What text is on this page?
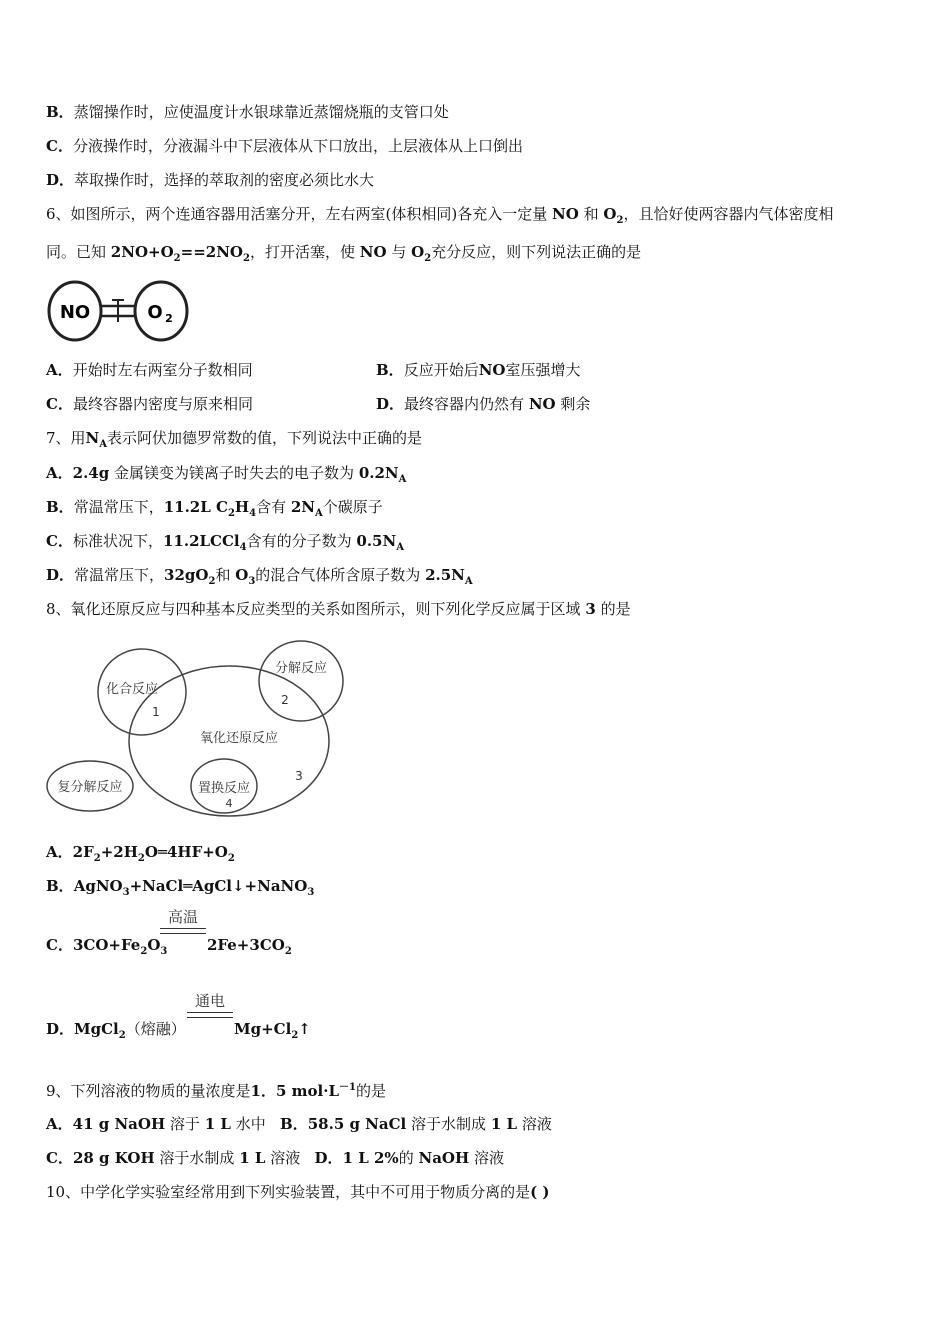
B．蒸馏操作时，应使温度计水银球靠近蒸馏烧瓶的支管口处
C．分液操作时，分液漏斗中下层液体从下口放出，上层液体从上口倒出
D．萃取操作时，选择的萃取剂的密度必须比水大
6、如图所示，两个连通容器用活塞分开，左右两室(体积相同)各充入一定量 NO 和 $O_2$，且恰好使两容器内气体密度相
同。已知 $2NO+O_2==2NO_2$，打开活塞，使 NO 与 $O_2$充分反应，则下列说法正确的是
NO	O 2
A．开始时左右两室分子数相同	B．反应开始后NO室压强增大
C．最终容器内密度与原来相同	D．最终容器内仍然有 NO 剩余
7、用$N_A$表示阿伏加德罗常数的值，下列说法中正确的是
A．2.4g 金属镁变为镁离子时失去的电子数为 $0.2N_A$
B．常温常压下，11.2L $C_2H_4$含有 $2N_A$个碳原子
C．标准状况下，11.2LCCl$_4$含有的分子数为 $0.5N_A$
D．常温常压下，$32gO_2$和 $O_3$的混合气体所含原子数为 $2.5N_A$
8、氧化还原反应与四种基本反应类型的关系如图所示，则下列化学反应属于区域 3 的是
化合反应
1
分解反应
2
氧化还原反应
3
复分解反应	置换反应
4
A．$2F_2+2H_2O═4HF+O_2$
B．AgNO$_3$+NaCl═AgCl↓+NaNO$_3$
高温
C．$3CO+Fe_2O_3$	$2Fe+3CO_2$
通电
D．MgCl$_2$（熔融）	$Mg+Cl_2↑$
9、下列溶液的物质的量浓度是1．5 $mol\cdot L^{-1}$的是
A．41 g NaOH 溶于 1 L 水中 B．58.5 g NaCl 溶于水制成 1 L 溶液
C．28 g KOH 溶于水制成 1 L 溶液 D．1 L 2%的 NaOH 溶液
10、中学化学实验室经常用到下列实验装置，其中不可用于物质分离的是( )
